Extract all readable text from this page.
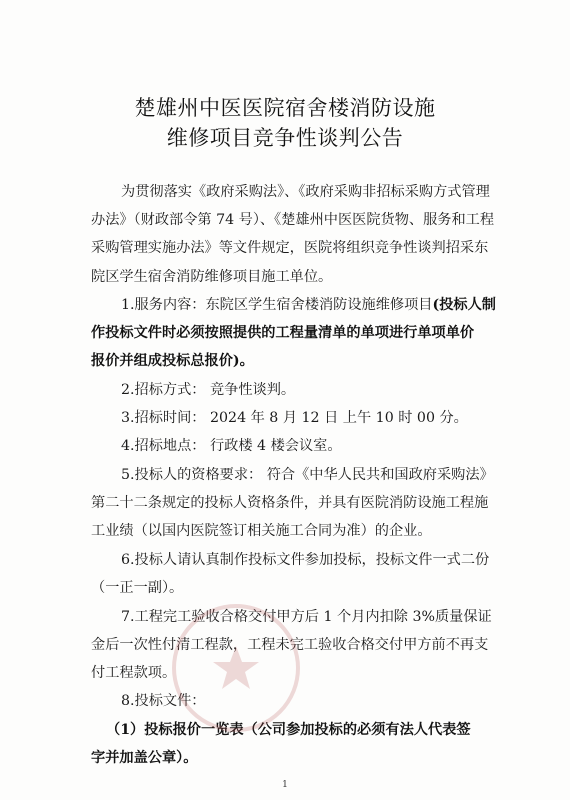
楚雄州中医医院宿舍楼消防设施
维修项目竞争性谈判公告
为贯彻落实《政府采购法》、《政府采购非招标采购方式管理
办法》（财政部令第 74 号）、《楚雄州中医医院货物、服务和工程
采购管理实施办法》等文件规定，医院将组织竞争性谈判招采东
院区学生宿舍消防维修项目施工单位。
1.服务内容：东院区学生宿舍楼消防设施维修项目(投标人制
作投标文件时必须按照提供的工程量清单的单项进行单项单价
报价并组成投标总报价)。
2.招标方式： 竞争性谈判。
3.招标时间： 2024 年 8 月 12 日 上午 10 时 00 分。
4.招标地点： 行政楼 4 楼会议室。
5.投标人的资格要求： 符合《中华人民共和国政府采购法》
第二十二条规定的投标人资格条件，并具有医院消防设施工程施
工业绩（以国内医院签订相关施工合同为准）的企业。
6.投标人请认真制作投标文件参加投标，投标文件一式二份
（一正一副）。
7.工程完工验收合格交付甲方后 1 个月内扣除 3%质量保证
金后一次性付清工程款，工程未完工验收合格交付甲方前不再支
付工程款项。
8.投标文件：
（1）投标报价一览表（公司参加投标的必须有法人代表签
字并加盖公章）。
1
